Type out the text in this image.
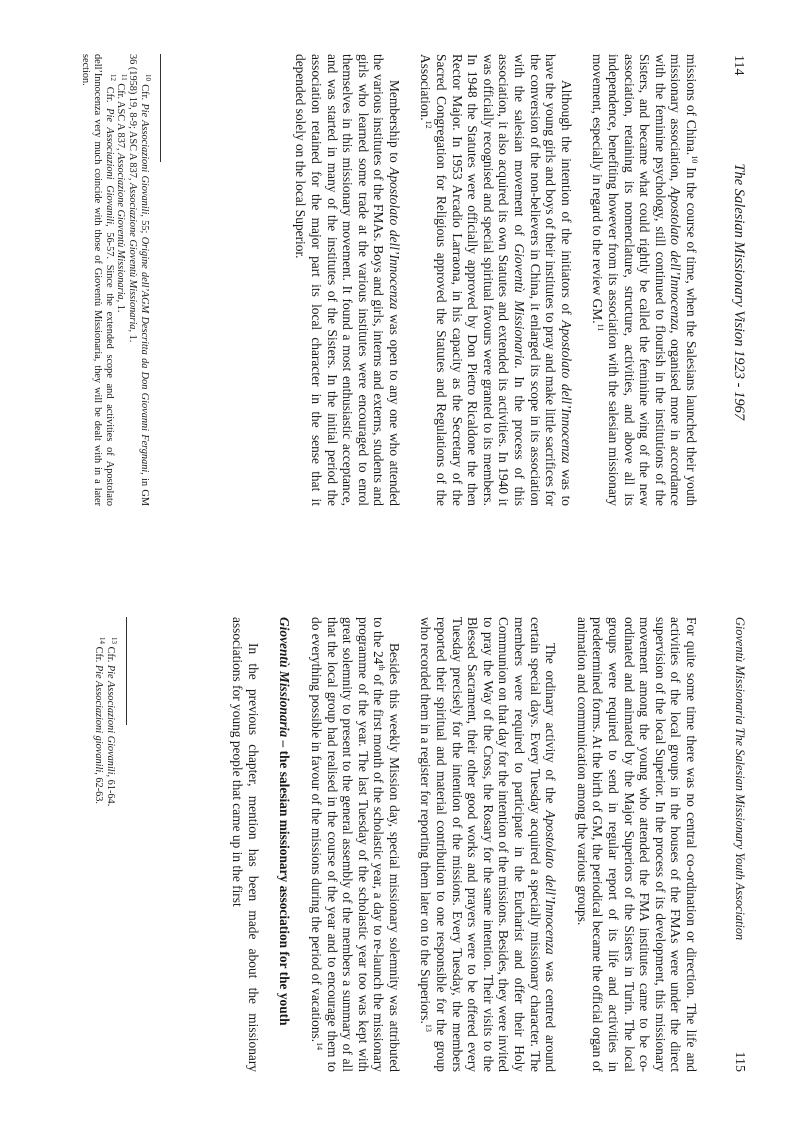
114
The Salesian Missionary Vision 1923 - 1967

missions of China.$^{10}$ In the course of time, when the Salesians launched their youth missionary association, Apostolato dell’Innocenza, organised more in accordance with the feminine psychology, still continued to flourish in the institutions of the Sisters, and became what could rightly be called the feminine wing of the new association, retaining its nomenclature, structure, activities, and above all its independence, benefiting however from its association with the salesian missionary movement, especially in regard to the review GM.$^{11}$

Although the intention of the initiators of Apostolato dell’Innocenza was to have the young girls and boys of their institutes to pray and make little sacrifices for the conversion of the non-believers in China, it enlarged its scope in its association with the salesian movement of Gioventù Missionaria. In the process of this association, it also acquired its own Statutes and extended its activities. In 1940 it was officially recognised and special spiritual favours were granted to its members. In 1948 the Statutes were officially approved by Don Pietro Ricaldone the then Rector Major. In 1953 Arcadio Larraona, in his capacity as the Secretary of the Sacred Congregation for Religious approved the Statutes and Regulations of the Association.$^{12}$

Membership to Apostolato dell’Innocenza was open to any one who attended the various institutes of the FMAs. Boys and girls, interns and externs, students and girls who learned some trade at the various institutes were encouraged to enrol themselves in this missionary movement. It found a most enthusiastic acceptance, and was started in many of the institutes of the Sisters. In the initial period the association retained for the major part its local character in the sense that it depended solely on the local Superior.

$^{10}$ Cfr. Pie Associazioni Giovanili, 55; Origine dell’AGM Descritta da Don Giovanni Fergnani, in GM 36 (1958) 19, 8-9; ASC A 837, Associazione Gioventù Missionaria, 1.

$^{11}$ Cfr. ASC A 837, Associazione Gioventù Missionaria, 1.

$^{12}$ Cfr. Pie Associazioni Giovanili, 56-57. Since the extended scope and activities of Apostolato dell’Innocenza very much coincide with those of Gioventù Missionaria, they will be dealt with in a later section.

Gioventù Missionaria The Salesian Missionary Youth Association
115

For quite some time there was no central co-ordination or direction. The life and activities of the local groups in the houses of the FMAs were under the direct supervision of the local Superior. In the process of its development, this missionary movement among the young who attended the FMA institutes came to be co-ordinated and animated by the Major Superiors of the Sisters in Turin. The local groups were required to send in regular report of its life and activities in predetermined forms. At the birth of GM, the periodical became the official organ of animation and communication among the various groups.

The ordinary activity of the Apostolato dell’Innocenza was centred around certain special days. Every Tuesday acquired a specially missionary character. The members were required to participate in the Eucharist and offer their Holy Communion on that day for the intention of the missions. Besides, they were invited to pray the Way of the Cross, the Rosary for the same intention. Their visits to the Blessed Sacrament, their other good works and prayers were to be offered every Tuesday precisely for the intention of the missions. Every Tuesday, the members reported their spiritual and material contribution to one responsible for the group who recorded them in a register for reporting them later on to the Superiors.$^{13}$

Besides this weekly Mission day, special missionary solemnity was attributed to the 24th of the first month of the scholastic year, a day to re-launch the missionary programme of the year. The last Tuesday of the scholastic year too was kept with great solemnity to present to the general assembly of the members a summary of all that the local group had realised in the course of the year and to encourage them to do everything possible in favour of the missions during the period of vacations.$^{14}$

Gioventù Missionaria – the salesian missionary association for the youth

In the previous chapter, mention has been made about the missionary associations for young people that came up in the first

$^{13}$ Cfr. Pie Associazioni Giovanili, 61-64.

$^{14}$ Cfr. Pie Associazioni giovanili, 62-63.
